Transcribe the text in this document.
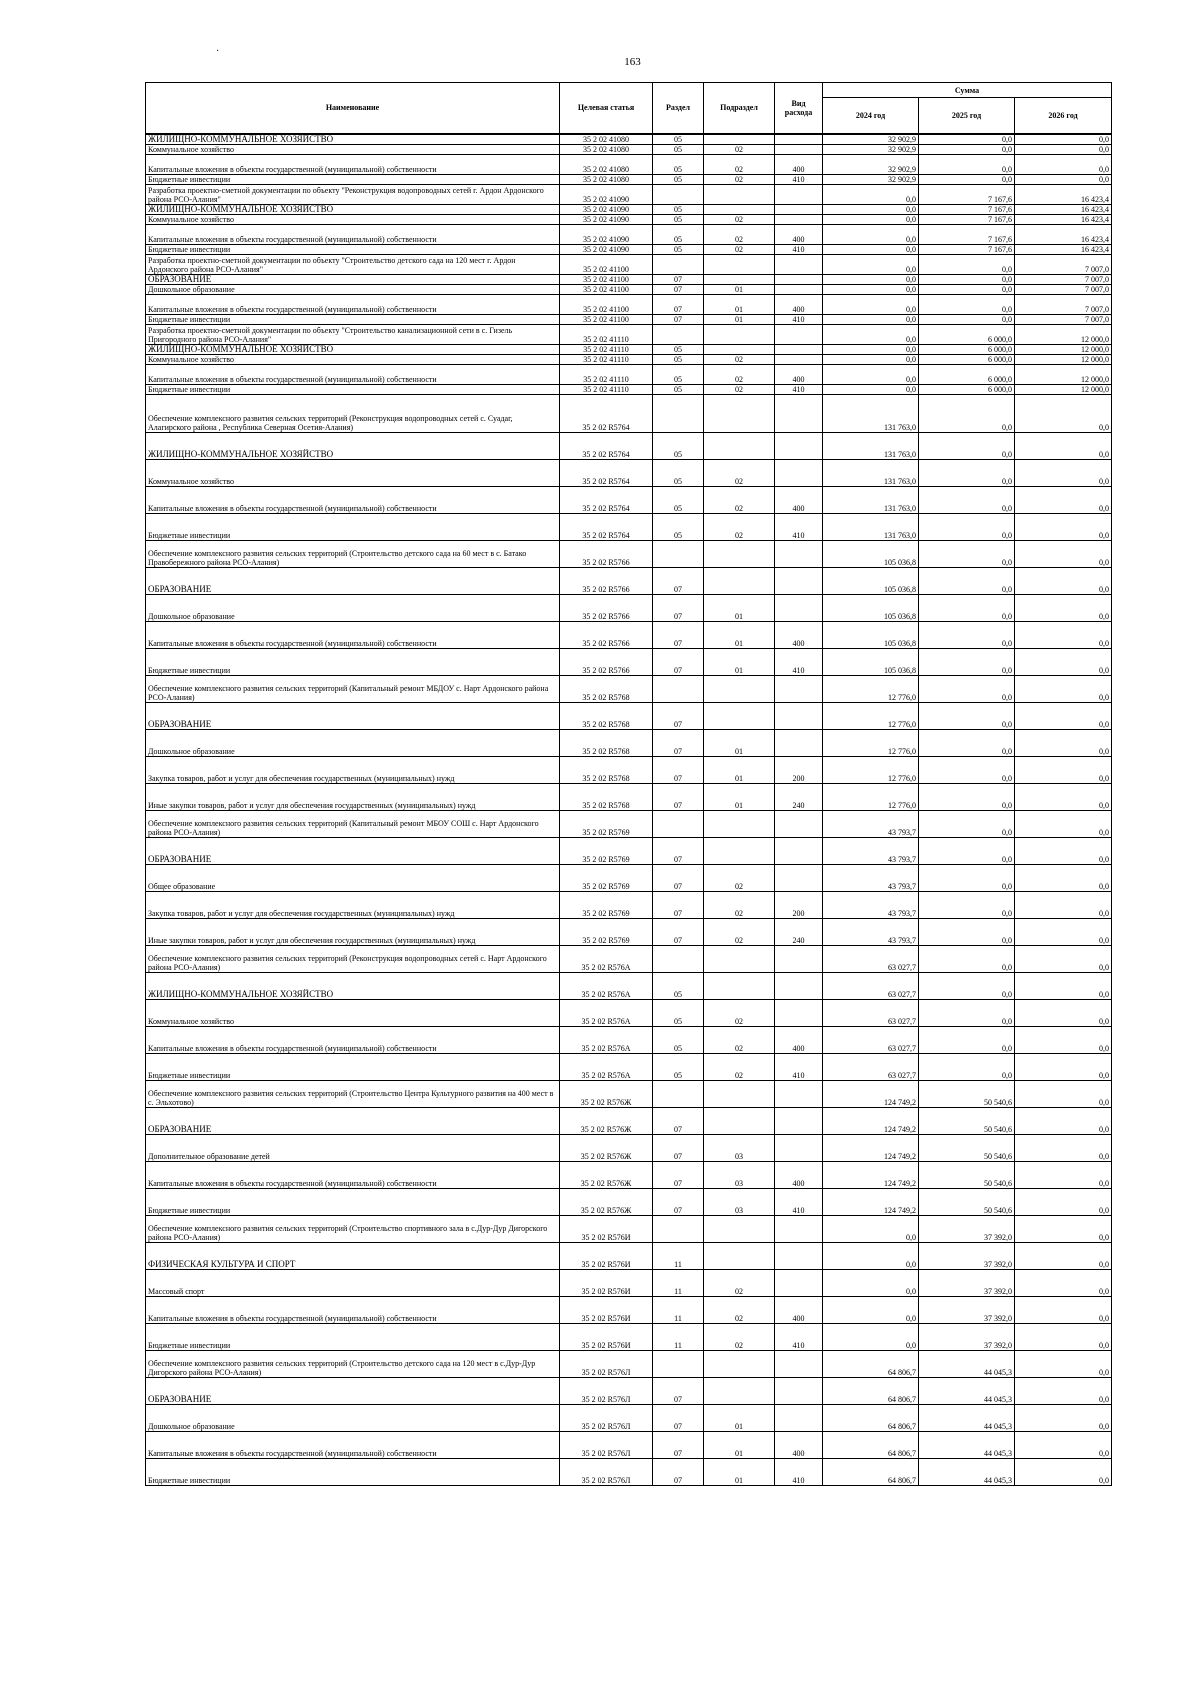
·
163
Наименование	Целевая статья	Раздел	Подраздел	Вид расхода	Сумма		
					2024 год	2025 год	2026 год
ЖИЛИЩНО-КОММУНАЛЬНОЕ ХОЗЯЙСТВО	35 2 02 41080	05			32 902,9	0,0	0,0
Коммунальное хозяйство	35 2 02 41080	05	02		32 902,9	0,0	0,0
Капитальные вложения в объекты государственной (муниципальной) собственности	35 2 02 41080	05	02	400	32 902,9	0,0	0,0
Бюджетные инвестиции	35 2 02 41080	05	02	410	32 902,9	0,0	0,0
Разработка проектно-сметной документации по объекту "Реконструкция водопроводных сетей г. Ардон Ардонского района РСО-Алания"	35 2 02 41090				0,0	7 167,6	16 423,4
ЖИЛИЩНО-КОММУНАЛЬНОЕ ХОЗЯЙСТВО	35 2 02 41090	05			0,0	7 167,6	16 423,4
Коммунальное хозяйство	35 2 02 41090	05	02		0,0	7 167,6	16 423,4
Капитальные вложения в объекты государственной (муниципальной) собственности	35 2 02 41090	05	02	400	0,0	7 167,6	16 423,4
Бюджетные инвестиции	35 2 02 41090	05	02	410	0,0	7 167,6	16 423,4
Разработка проектно-сметной документации по объекту "Строительство детского сада на 120 мест г. Ардон Ардонского района РСО-Алания"	35 2 02 41100				0,0	0,0	7 007,0
ОБРАЗОВАНИЕ	35 2 02 41100	07			0,0	0,0	7 007,0
Дошкольное образование	35 2 02 41100	07	01		0,0	0,0	7 007,0
Капитальные вложения в объекты государственной (муниципальной) собственности	35 2 02 41100	07	01	400	0,0	0,0	7 007,0
Бюджетные инвестиции	35 2 02 41100	07	01	410	0,0	0,0	7 007,0
Разработка проектно-сметной документации по объекту "Строительство канализационной сети в с. Гизель Пригородного района РСО-Алания"	35 2 02 41110				0,0	6 000,0	12 000,0
ЖИЛИЩНО-КОММУНАЛЬНОЕ ХОЗЯЙСТВО	35 2 02 41110	05			0,0	6 000,0	12 000,0
Коммунальное хозяйство	35 2 02 41110	05	02		0,0	6 000,0	12 000,0
Капитальные вложения в объекты государственной (муниципальной) собственности	35 2 02 41110	05	02	400	0,0	6 000,0	12 000,0
Бюджетные инвестиции	35 2 02 41110	05	02	410	0,0	6 000,0	12 000,0
Обеспечение комплексного развития сельских территорий (Реконструкция водопроводных сетей с. Суадаг, Алагирского района , Республика Северная Осетия-Алания)	35 2 02 R5764				131 763,0	0,0	0,0
ЖИЛИЩНО-КОММУНАЛЬНОЕ ХОЗЯЙСТВО	35 2 02 R5764	05			131 763,0	0,0	0,0
Коммунальное хозяйство	35 2 02 R5764	05	02		131 763,0	0,0	0,0
Капитальные вложения в объекты государственной (муниципальной) собственности	35 2 02 R5764	05	02	400	131 763,0	0,0	0,0
Бюджетные инвестиции	35 2 02 R5764	05	02	410	131 763,0	0,0	0,0
Обеспечение комплексного развития сельских территорий (Строительство детского сада на 60 мест в с. Батако Правобережного района РСО-Алания)	35 2 02 R5766				105 036,8	0,0	0,0
ОБРАЗОВАНИЕ	35 2 02 R5766	07			105 036,8	0,0	0,0
Дошкольное образование	35 2 02 R5766	07	01		105 036,8	0,0	0,0
Капитальные вложения в объекты государственной (муниципальной) собственности	35 2 02 R5766	07	01	400	105 036,8	0,0	0,0
Бюджетные инвестиции	35 2 02 R5766	07	01	410	105 036,8	0,0	0,0
Обеспечение комплексного развития сельских территорий (Капитальный ремонт МБДОУ с. Нарт Ардонского района РСО-Алания)	35 2 02 R5768				12 776,0	0,0	0,0
ОБРАЗОВАНИЕ	35 2 02 R5768	07			12 776,0	0,0	0,0
Дошкольное образование	35 2 02 R5768	07	01		12 776,0	0,0	0,0
Закупка товаров, работ и услуг для обеспечения государственных (муниципальных) нужд	35 2 02 R5768	07	01	200	12 776,0	0,0	0,0
Иные закупки товаров, работ и услуг для обеспечения государственных (муниципальных) нужд	35 2 02 R5768	07	01	240	12 776,0	0,0	0,0
Обеспечение комплексного развития сельских территорий (Капитальный ремонт МБОУ СОШ с. Нарт Ардонского района РСО-Алания)	35 2 02 R5769				43 793,7	0,0	0,0
ОБРАЗОВАНИЕ	35 2 02 R5769	07			43 793,7	0,0	0,0
Общее образование	35 2 02 R5769	07	02		43 793,7	0,0	0,0
Закупка товаров, работ и услуг для обеспечения государственных (муниципальных) нужд	35 2 02 R5769	07	02	200	43 793,7	0,0	0,0
Иные закупки товаров, работ и услуг для обеспечения государственных (муниципальных) нужд	35 2 02 R5769	07	02	240	43 793,7	0,0	0,0
Обеспечение комплексного развития сельских территорий (Реконструкция водопроводных сетей с. Нарт Ардонского района РСО-Алания)	35 2 02 R576А				63 027,7	0,0	0,0
ЖИЛИЩНО-КОММУНАЛЬНОЕ ХОЗЯЙСТВО	35 2 02 R576А	05			63 027,7	0,0	0,0
Коммунальное хозяйство	35 2 02 R576А	05	02		63 027,7	0,0	0,0
Капитальные вложения в объекты государственной (муниципальной) собственности	35 2 02 R576А	05	02	400	63 027,7	0,0	0,0
Бюджетные инвестиции	35 2 02 R576А	05	02	410	63 027,7	0,0	0,0
Обеспечение комплексного развития сельских территорий (Строительство Центра Культурного развития на 400 мест в с. Эльхотово)	35 2 02 R576Ж				124 749,2	50 540,6	0,0
ОБРАЗОВАНИЕ	35 2 02 R576Ж	07			124 749,2	50 540,6	0,0
Дополнительное образование детей	35 2 02 R576Ж	07	03		124 749,2	50 540,6	0,0
Капитальные вложения в объекты государственной (муниципальной) собственности	35 2 02 R576Ж	07	03	400	124 749,2	50 540,6	0,0
Бюджетные инвестиции	35 2 02 R576Ж	07	03	410	124 749,2	50 540,6	0,0
Обеспечение комплексного развития сельских территорий (Строительство спортивного зала в с.Дур-Дур Дигорского района РСО-Алания)	35 2 02 R576И				0,0	37 392,0	0,0
ФИЗИЧЕСКАЯ КУЛЬТУРА И СПОРТ	35 2 02 R576И	11			0,0	37 392,0	0,0
Массовый спорт	35 2 02 R576И	11	02		0,0	37 392,0	0,0
Капитальные вложения в объекты государственной (муниципальной) собственности	35 2 02 R576И	11	02	400	0,0	37 392,0	0,0
Бюджетные инвестиции	35 2 02 R576И	11	02	410	0,0	37 392,0	0,0
Обеспечение комплексного развития сельских территорий (Строительство детского сада на 120 мест в с.Дур-Дур Дигорского района РСО-Алания)	35 2 02 R576Л				64 806,7	44 045,3	0,0
ОБРАЗОВАНИЕ	35 2 02 R576Л	07			64 806,7	44 045,3	0,0
Дошкольное образование	35 2 02 R576Л	07	01		64 806,7	44 045,3	0,0
Капитальные вложения в объекты государственной (муниципальной) собственности	35 2 02 R576Л	07	01	400	64 806,7	44 045,3	0,0
Бюджетные инвестиции	35 2 02 R576Л	07	01	410	64 806,7	44 045,3	0,0
